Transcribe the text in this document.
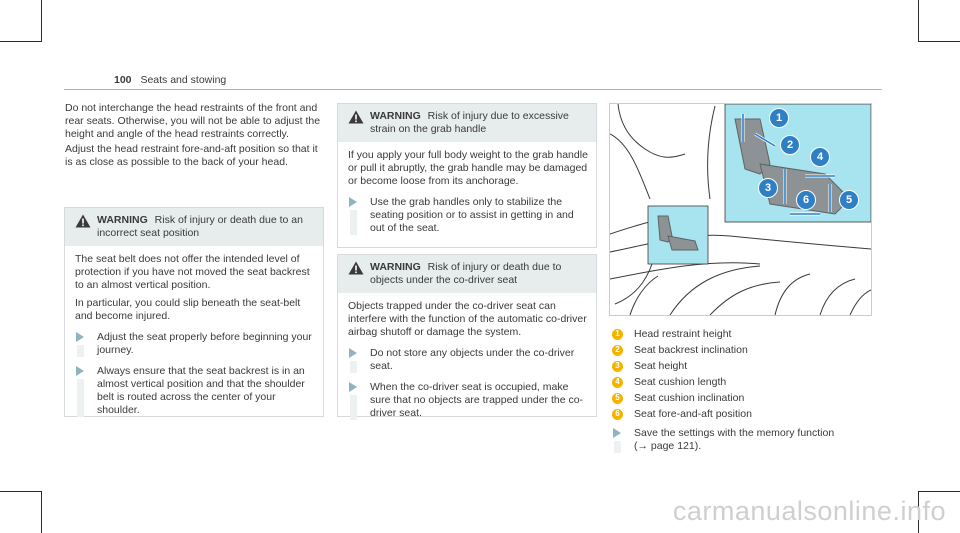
100 Seats and stowing

Do not interchange the head restraints of the front and rear seats. Otherwise, you will not be able to adjust the height and angle of the head restraints correctly.

Adjust the head restraint fore-and-aft position so that it is as close as possible to the back of your head.

WARNING Risk of injury or death due to an incorrect seat position

The seat belt does not offer the intended level of protection if you have not moved the seat backrest to an almost vertical position.

In particular, you could slip beneath the seat-belt and become injured.

Adjust the seat properly before beginning your journey.
Always ensure that the seat backrest is in an almost vertical position and that the shoulder belt is routed across the center of your shoulder.
WARNING Risk of injury due to excessive strain on the grab handle

If you apply your full body weight to the grab handle or pull it abruptly, the grab handle may be damaged or become loose from its anchorage.

Use the grab handles only to stabilize the seating position or to assist in getting in and out of the seat.
WARNING Risk of injury or death due to objects under the co-driver seat

Objects trapped under the co-driver seat can interfere with the function of the automatic co-driver airbag shutoff or damage the system.

Do not store any objects under the co-driver seat.
When the co-driver seat is occupied, make sure that no objects are trapped under the co-driver seat.
1
2
4
3
6	5
1	Head restraint height
2	Seat backrest inclination
3	Seat height
4	Seat cushion length
5	Seat cushion inclination
6	Seat fore-and-aft position
Save the settings with the memory function
(→ page 121).
carmanualsonline.info
